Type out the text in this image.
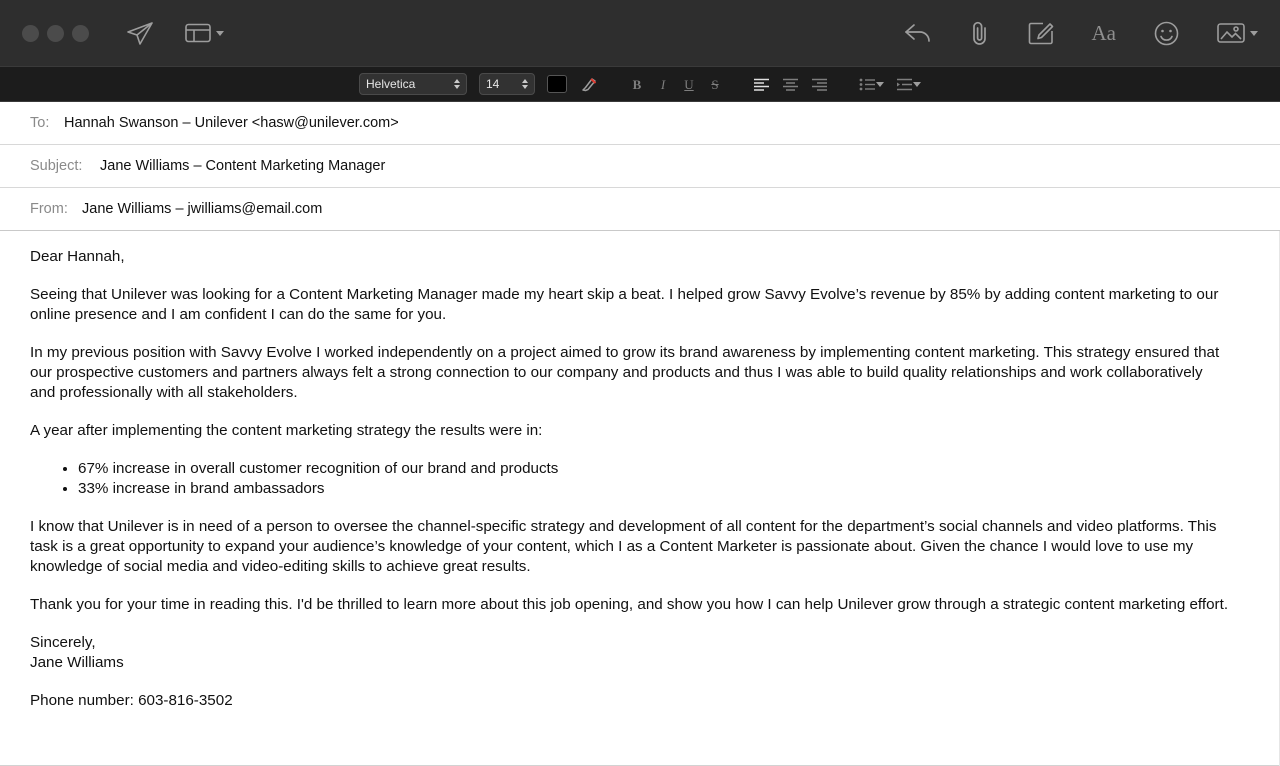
Aa
Helvetica	14	B	I	U S
To:	Hannah Swanson – Unilever <hasw@unilever.com>
Subject:	Jane Williams – Content Marketing Manager
From: Jane Williams – jwilliams@email.com

Dear Hannah,

Seeing that Unilever was looking for a Content Marketing Manager made my heart skip a beat. I helped grow Savvy Evolve’s revenue by 85% by adding content marketing to our online presence and I am confident I can do the same for you.

In my previous position with Savvy Evolve I worked independently on a project aimed to grow its brand awareness by implementing content marketing. This strategy ensured that our prospective customers and partners always felt a strong connection to our company and products and thus I was able to build quality relationships and work collaboratively and professionally with all stakeholders.

A year after implementing the content marketing strategy the results were in:

• 67% increase in overall customer recognition of our brand and products
• 33% increase in brand ambassadors

I know that Unilever is in need of a person to oversee the channel-specific strategy and development of all content for the department’s social channels and video platforms. This task is a great opportunity to expand your audience’s knowledge of your content, which I as a Content Marketer is passionate about. Given the chance I would love to use my knowledge of social media and video-editing skills to achieve great results.

Thank you for your time in reading this. I'd be thrilled to learn more about this job opening, and show you how I can help Unilever grow through a strategic content marketing effort.

Sincerely,

Jane Williams

Phone number: 603-816-3502
